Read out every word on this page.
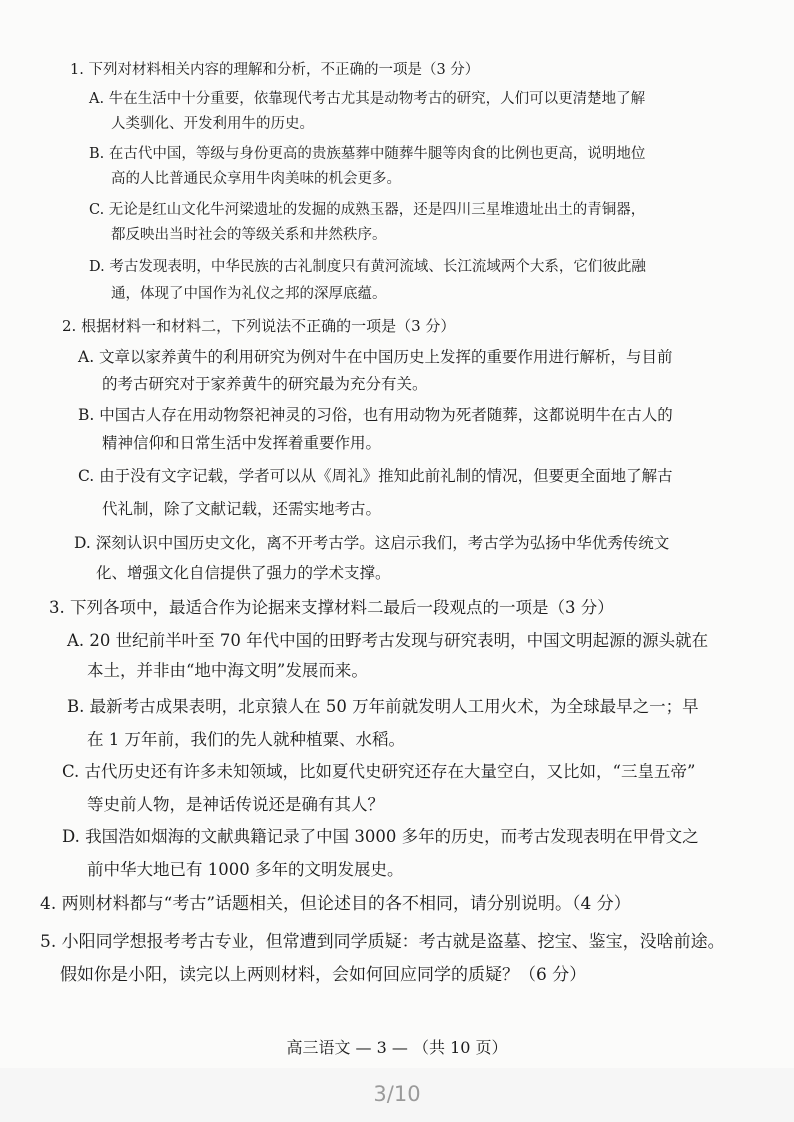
1. 下列对材料相关内容的理解和分析，不正确的一项是（3 分）
A. 牛在生活中十分重要，依靠现代考古尤其是动物考古的研究，人们可以更清楚地了解
人类驯化、开发利用牛的历史。
B. 在古代中国，等级与身份更高的贵族墓葬中随葬牛腿等肉食的比例也更高，说明地位
高的人比普通民众享用牛肉美味的机会更多。
C. 无论是红山文化牛河梁遗址的发掘的成熟玉器，还是四川三星堆遗址出土的青铜器，
都反映出当时社会的等级关系和井然秩序。
D. 考古发现表明，中华民族的古礼制度只有黄河流域、长江流域两个大系，它们彼此融
通，体现了中国作为礼仪之邦的深厚底蕴。
2. 根据材料一和材料二，下列说法不正确的一项是（3 分）
A. 文章以家养黄牛的利用研究为例对牛在中国历史上发挥的重要作用进行解析，与目前
的考古研究对于家养黄牛的研究最为充分有关。
B. 中国古人存在用动物祭祀神灵的习俗，也有用动物为死者随葬，这都说明牛在古人的
精神信仰和日常生活中发挥着重要作用。
C. 由于没有文字记载，学者可以从《周礼》推知此前礼制的情况，但要更全面地了解古
代礼制，除了文献记载，还需实地考古。
D. 深刻认识中国历史文化，离不开考古学。这启示我们，考古学为弘扬中华优秀传统文
化、增强文化自信提供了强力的学术支撑。
3. 下列各项中，最适合作为论据来支撑材料二最后一段观点的一项是（3 分）
A. 20 世纪前半叶至 70 年代中国的田野考古发现与研究表明，中国文明起源的源头就在
本土，并非由“地中海文明”发展而来。
B. 最新考古成果表明，北京猿人在 50 万年前就发明人工用火术，为全球最早之一；早
在 1 万年前，我们的先人就种植粟、水稻。
C. 古代历史还有许多未知领域，比如夏代史研究还存在大量空白，又比如，“三皇五帝”
等史前人物，是神话传说还是确有其人？
D. 我国浩如烟海的文献典籍记录了中国 3000 多年的历史，而考古发现表明在甲骨文之
前中华大地已有 1000 多年的文明发展史。
4. 两则材料都与“考古”话题相关，但论述目的各不相同，请分别说明。（4 分）
5. 小阳同学想报考考古专业，但常遭到同学质疑：考古就是盗墓、挖宝、鉴宝，没啥前途。
假如你是小阳，读完以上两则材料，会如何回应同学的质疑？（6 分）
高三语文 — 3 — （共 10 页）
3/10
